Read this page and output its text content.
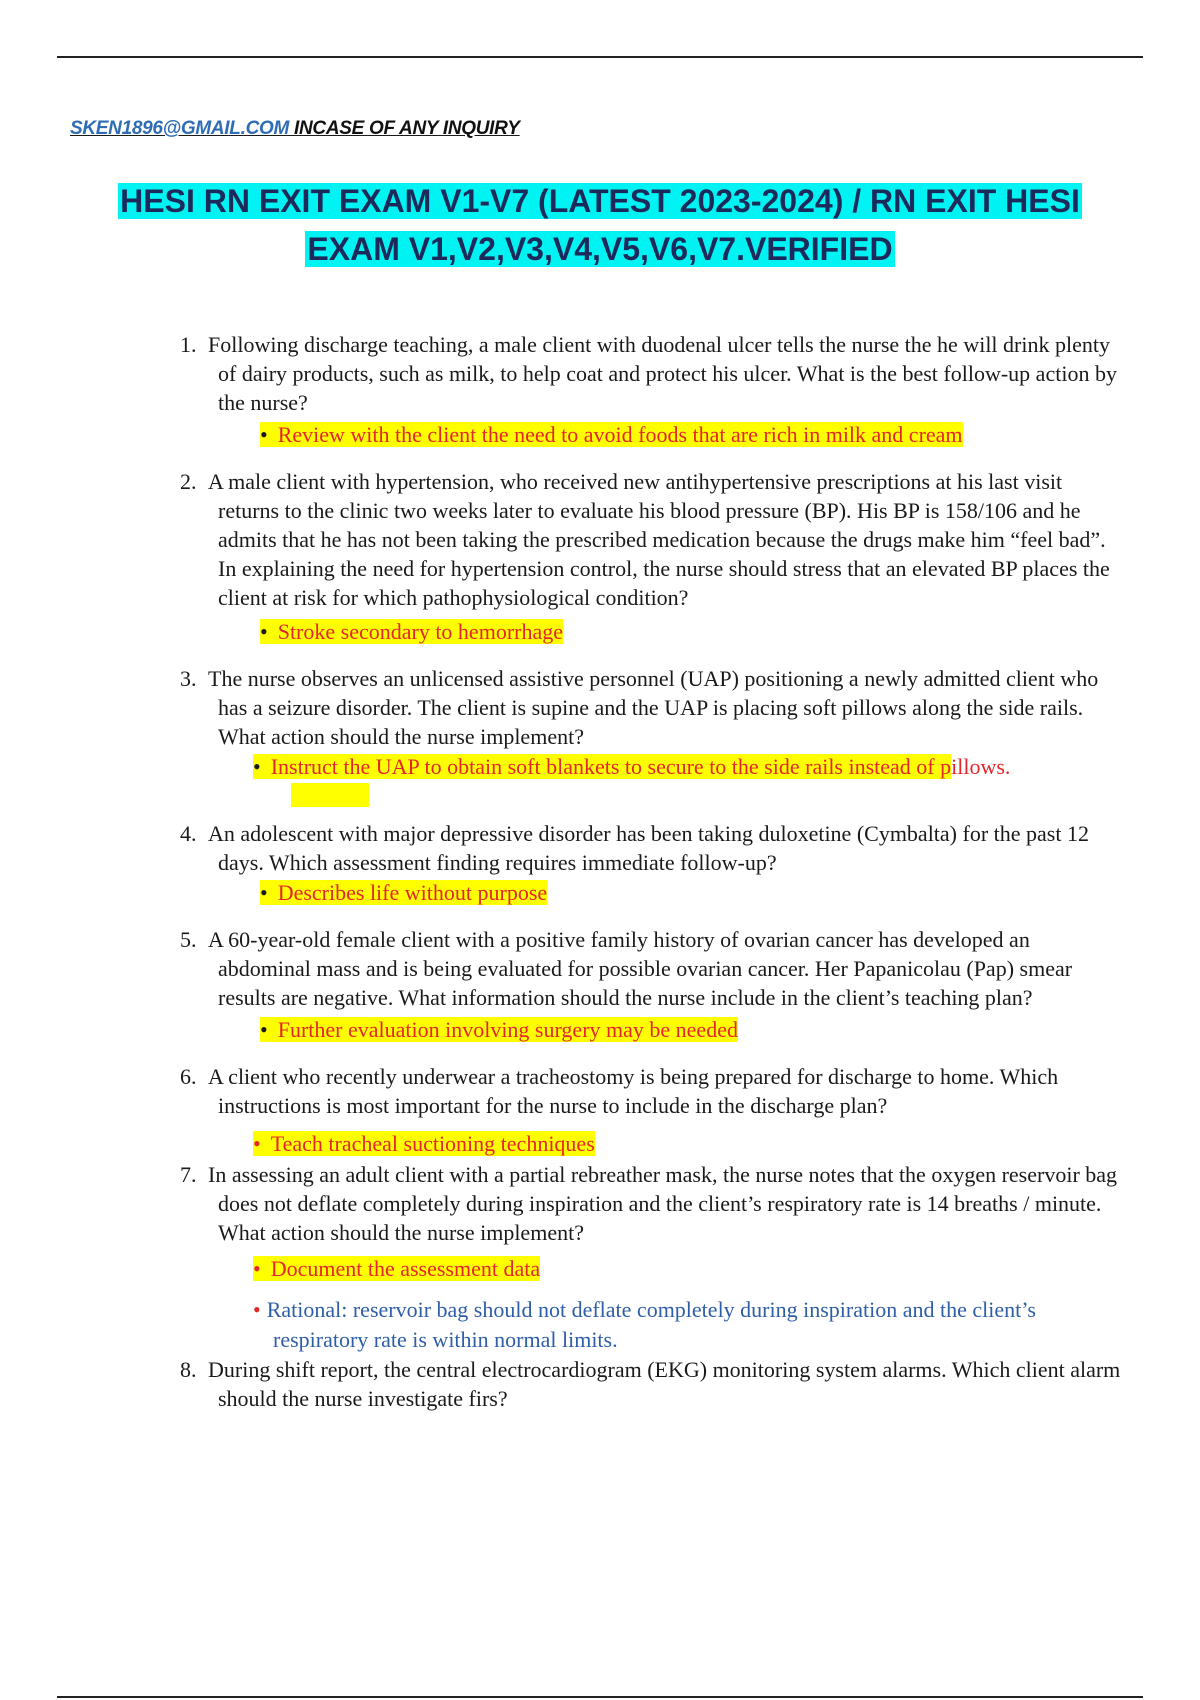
SKEN1896@GMAIL.COM INCASE OF ANY INQUIRY
HESI RN EXIT EXAM V1-V7 (LATEST 2023-2024) / RN EXIT HESI
EXAM V1,V2,V3,V4,V5,V6,V7.VERIFIED
1. Following discharge teaching, a male client with duodenal ulcer tells the nurse the he will drink plenty of dairy products, such as milk, to help coat and protect his ulcer. What is the best follow-up action by the nurse?
• Review with the client the need to avoid foods that are rich in milk and cream
2. A male client with hypertension, who received new antihypertensive prescriptions at his last visit returns to the clinic two weeks later to evaluate his blood pressure (BP). His BP is 158/106 and he admits that he has not been taking the prescribed medication because the drugs make him “feel bad”. In explaining the need for hypertension control, the nurse should stress that an elevated BP places the client at risk for which pathophysiological condition?
• Stroke secondary to hemorrhage
3. The nurse observes an unlicensed assistive personnel (UAP) positioning a newly admitted client who has a seizure disorder. The client is supine and the UAP is placing soft pillows along the side rails. What action should the nurse implement?
• Instruct the UAP to obtain soft blankets to secure to the side rails instead of pillows.
4. An adolescent with major depressive disorder has been taking duloxetine (Cymbalta) for the past 12 days. Which assessment finding requires immediate follow-up?
• Describes life without purpose
5. A 60-year-old female client with a positive family history of ovarian cancer has developed an abdominal mass and is being evaluated for possible ovarian cancer. Her Papanicolau (Pap) smear results are negative. What information should the nurse include in the client’s teaching plan?
• Further evaluation involving surgery may be needed
6. A client who recently underwear a tracheostomy is being prepared for discharge to home. Which instructions is most important for the nurse to include in the discharge plan?
• Teach tracheal suctioning techniques
7. In assessing an adult client with a partial rebreather mask, the nurse notes that the oxygen reservoir bag does not deflate completely during inspiration and the client’s respiratory rate is 14 breaths / minute. What action should the nurse implement?
• Document the assessment data
• Rational: reservoir bag should not deflate completely during inspiration and the client’s respiratory rate is within normal limits.
8. During shift report, the central electrocardiogram (EKG) monitoring system alarms. Which client alarm should the nurse investigate firs?
